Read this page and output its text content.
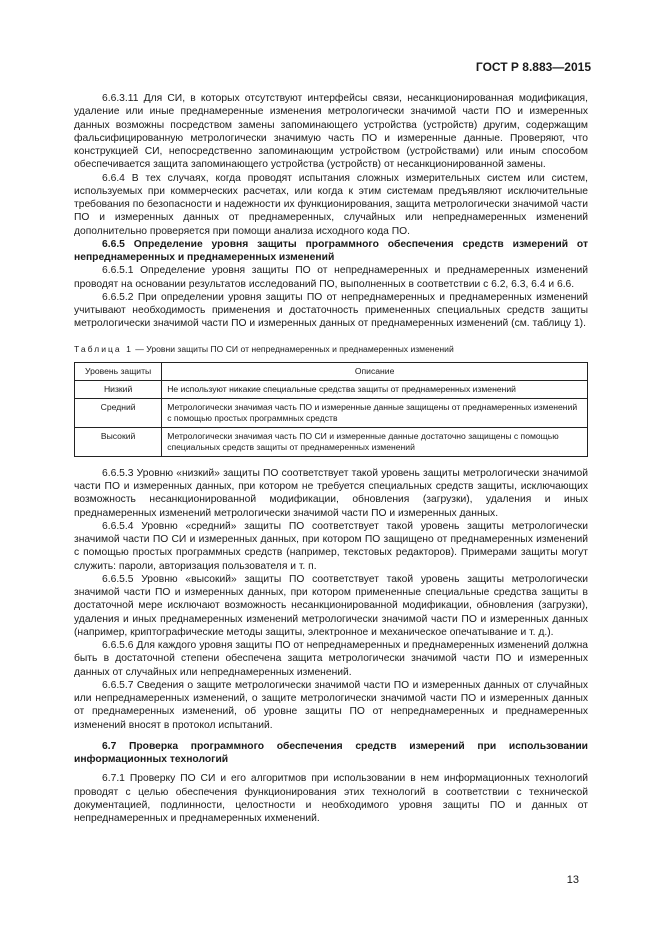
ГОСТ Р 8.883—2015

6.6.3.11 Для СИ, в которых отсутствуют интерфейсы связи, несанкционированная модификация, удаление или иные преднамеренные изменения метрологически значимой части ПО и измеренных данных возможны посредством замены запоминающего устройства (устройств) другим, содержащим фальсифицированную метрологически значимую часть ПО и измеренные данные. Проверяют, что конструкцией СИ, непосредственно запоминающим устройством (устройствами) или иным способом обеспечивается защита запоминающего устройства (устройств) от несанкционированной замены.

6.6.4 В тех случаях, когда проводят испытания сложных измерительных систем или систем, используемых при коммерческих расчетах, или когда к этим системам предъявляют исключительные требования по безопасности и надежности их функционирования, защита метрологически значимой части ПО и измеренных данных от преднамеренных, случайных или непреднамеренных изменений дополнительно проверяется при помощи анализа исходного кода ПО.

6.6.5 Определение уровня защиты программного обеспечения средств измерений от непреднамеренных и преднамеренных изменений

6.6.5.1 Определение уровня защиты ПО от непреднамеренных и преднамеренных изменений проводят на основании результатов исследований ПО, выполненных в соответствии с 6.2, 6.3, 6.4 и 6.6.

6.6.5.2 При определении уровня защиты ПО от непреднамеренных и преднамеренных изменений учитывают необходимость применения и достаточность примененных специальных средств защиты метрологически значимой части ПО и измеренных данных от преднамеренных изменений (см. таблицу 1).

Таблица 1 — Уровни защиты ПО СИ от непреднамеренных и преднамеренных изменений
Уровень защиты	Описание
Низкий	Не используют никакие специальные средства защиты от преднамеренных изменений
Средний	Метрологически значимая часть ПО и измеренные данные защищены от преднамеренных изменений с помощью простых программных средств
Высокий	Метрологически значимая часть ПО СИ и измеренные данные достаточно защищены с помощью специальных средств защиты от преднамеренных изменений

6.6.5.3 Уровню «низкий» защиты ПО соответствует такой уровень защиты метрологически значимой части ПО и измеренных данных, при котором не требуется специальных средств защиты, исключающих возможность несанкционированной модификации, обновления (загрузки), удаления и иных преднамеренных изменений метрологически значимой части ПО и измеренных данных.

6.6.5.4 Уровню «средний» защиты ПО соответствует такой уровень защиты метрологически значимой части ПО СИ и измеренных данных, при котором ПО защищено от преднамеренных изменений с помощью простых программных средств (например, текстовых редакторов). Примерами защиты могут служить: пароли, авторизация пользователя и т. п.

6.6.5.5 Уровню «высокий» защиты ПО соответствует такой уровень защиты метрологически значимой части ПО и измеренных данных, при котором примененные специальные средства защиты в достаточной мере исключают возможность несанкционированной модификации, обновления (загрузки), удаления и иных преднамеренных изменений метрологически значимой части ПО и измеренных данных (например, криптографические методы защиты, электронное и механическое опечатывание и т. д.).

6.6.5.6 Для каждого уровня защиты ПО от непреднамеренных и преднамеренных изменений должна быть в достаточной степени обеспечена защита метрологически значимой части ПО и измеренных данных от случайных или непреднамеренных изменений.

6.6.5.7 Сведения о защите метрологически значимой части ПО и измеренных данных от случайных или непреднамеренных изменений, о защите метрологически значимой части ПО и измеренных данных от преднамеренных изменений, об уровне защиты ПО от непреднамеренных и преднамеренных изменений вносят в протокол испытаний.

6.7 Проверка программного обеспечения средств измерений при использовании информационных технологий

6.7.1 Проверку ПО СИ и его алгоритмов при использовании в нем информационных технологий проводят с целью обеспечения функционирования этих технологий в соответствии с технической документацией, подлинности, целостности и необходимого уровня защиты ПО и данных от непреднамеренных и преднамеренных ихменений.

13
